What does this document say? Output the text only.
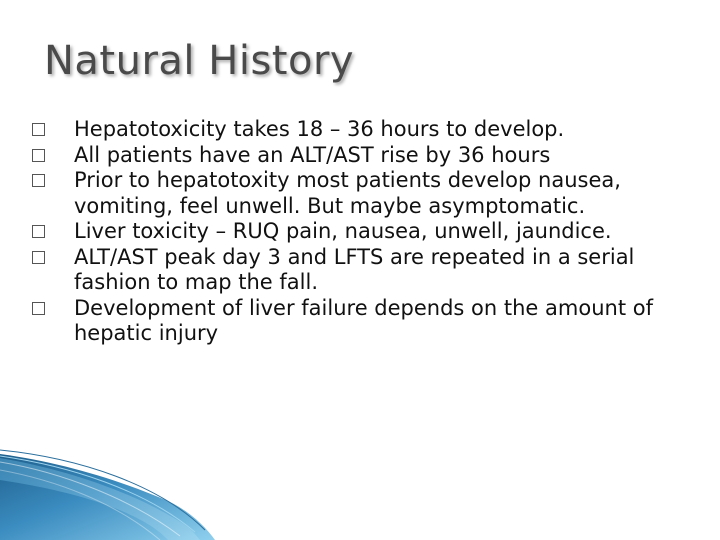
Natural History
Hepatotoxicity takes 18 – 36 hours to develop.
All patients have an ALT/AST rise by 36 hours
Prior to hepatotoxity most patients develop nausea, vomiting, feel unwell. But maybe asymptomatic.
Liver toxicity – RUQ pain, nausea, unwell, jaundice.
ALT/AST peak day 3 and LFTS are repeated in a serial fashion to map the fall.
Development of liver failure depends on the amount of hepatic injury
